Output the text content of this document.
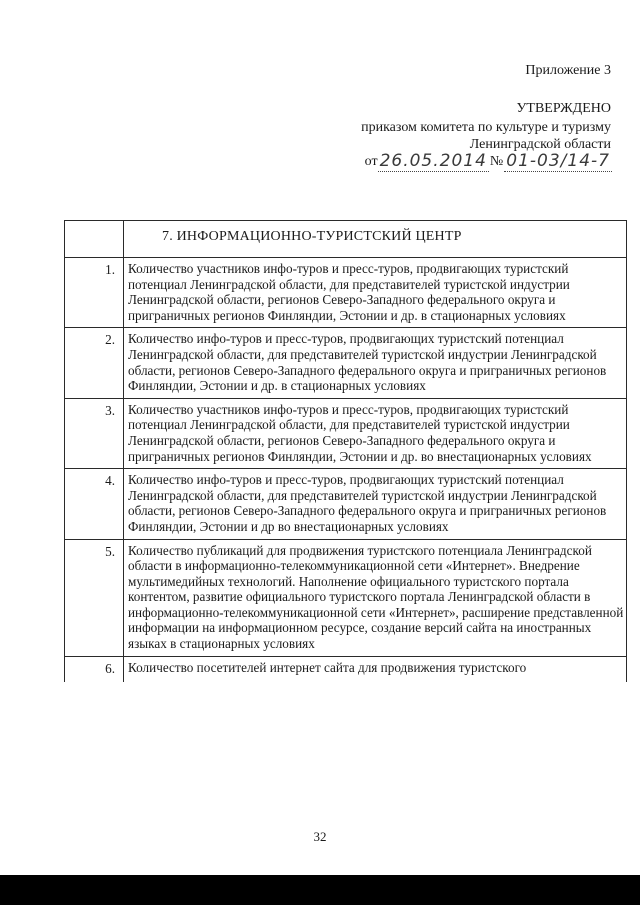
Приложение 3
УТВЕРЖДЕНО
приказом комитета по культуре и туризму
Ленинградской области
от 26.05.2014 № 01-03/14-7
	7. ИНФОРМАЦИОННО-ТУРИСТСКИЙ ЦЕНТР
1.	Количество участников инфо-туров и пресс-туров, продвигающих туристский потенциал Ленинградской области, для представителей туристской индустрии Ленинградской области, регионов Северо-Западного федерального округа и приграничных регионов Финляндии, Эстонии и др. в стационарных условиях
2.	Количество инфо-туров и пресс-туров, продвигающих туристский потенциал Ленинградской области, для представителей туристской индустрии Ленинградской области, регионов Северо-Западного федерального округа и приграничных регионов Финляндии, Эстонии и др. в стационарных условиях
3.	Количество участников инфо-туров и пресс-туров, продвигающих туристский потенциал Ленинградской области, для представителей туристской индустрии Ленинградской области, регионов Северо-Западного федерального округа и приграничных регионов Финляндии, Эстонии и др. во внестационарных условиях
4.	Количество инфо-туров и пресс-туров, продвигающих туристский потенциал Ленинградской области, для представителей туристской индустрии Ленинградской области, регионов Северо-Западного федерального округа и приграничных регионов Финляндии, Эстонии и др во внестационарных условиях
5.	Количество публикаций для продвижения туристского потенциала Ленинградской области в информационно-телекоммуникационной сети «Интернет». Внедрение мультимедийных технологий. Наполнение официального туристского портала контентом, развитие официального туристского портала Ленинградской области в информационно-телекоммуникационной сети «Интернет», расширение представленной информации на информационном ресурсе, создание версий сайта на иностранных языках в стационарных условиях
6.	Количество посетителей интернет сайта для продвижения туристского
32
